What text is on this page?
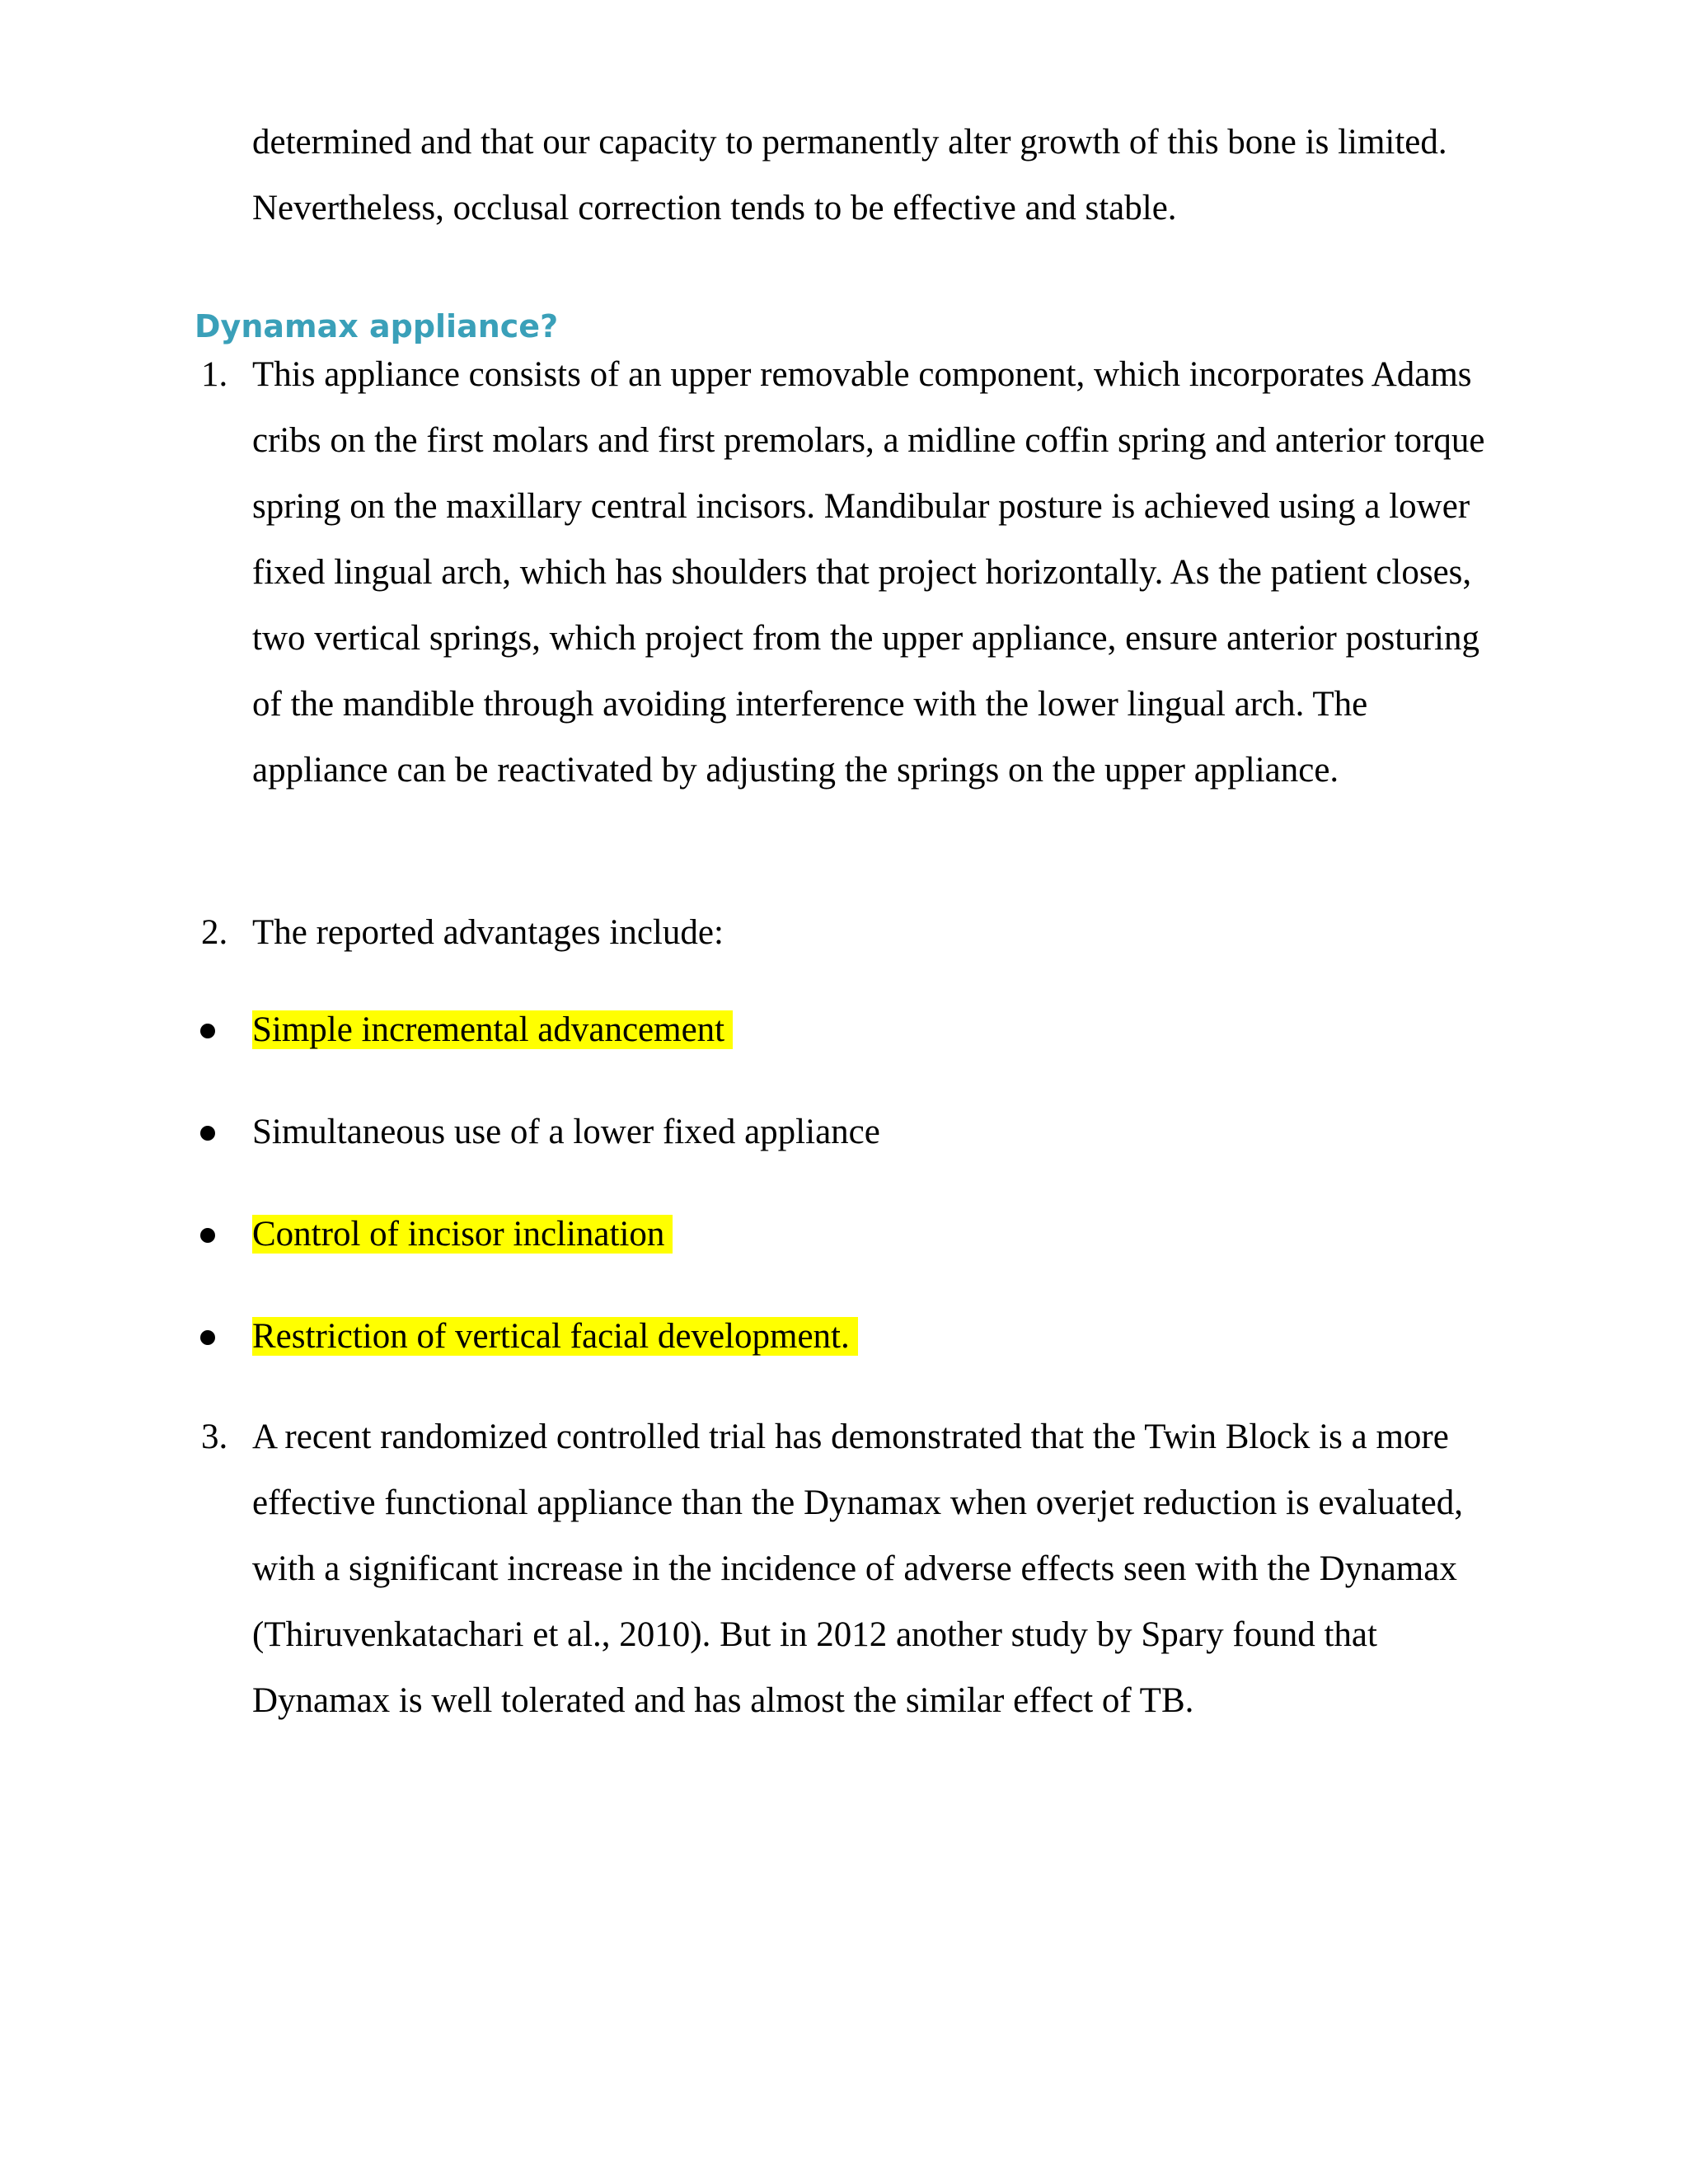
determined and that our capacity to permanently alter growth of this bone is limited. Nevertheless, occlusal correction tends to be effective and stable.

Dynamax appliance?

1. This appliance consists of an upper removable component, which incorporates Adams cribs on the first molars and first premolars, a midline coffin spring and anterior torque spring on the maxillary central incisors. Mandibular posture is achieved using a lower fixed lingual arch, which has shoulders that project horizontally. As the patient closes, two vertical springs, which project from the upper appliance, ensure anterior posturing of the mandible through avoiding interference with the lower lingual arch. The appliance can be reactivated by adjusting the springs on the upper appliance.

2. The reported advantages include:

Simple incremental advancement

Simultaneous use of a lower fixed appliance

Control of incisor inclination

Restriction of vertical facial development.

3. A recent randomized controlled trial has demonstrated that the Twin Block is a more effective functional appliance than the Dynamax when overjet reduction is evaluated, with a significant increase in the incidence of adverse effects seen with the Dynamax (Thiruvenkatachari et al., 2010). But in 2012 another study by Spary found that Dynamax is well tolerated and has almost the similar effect of TB.
